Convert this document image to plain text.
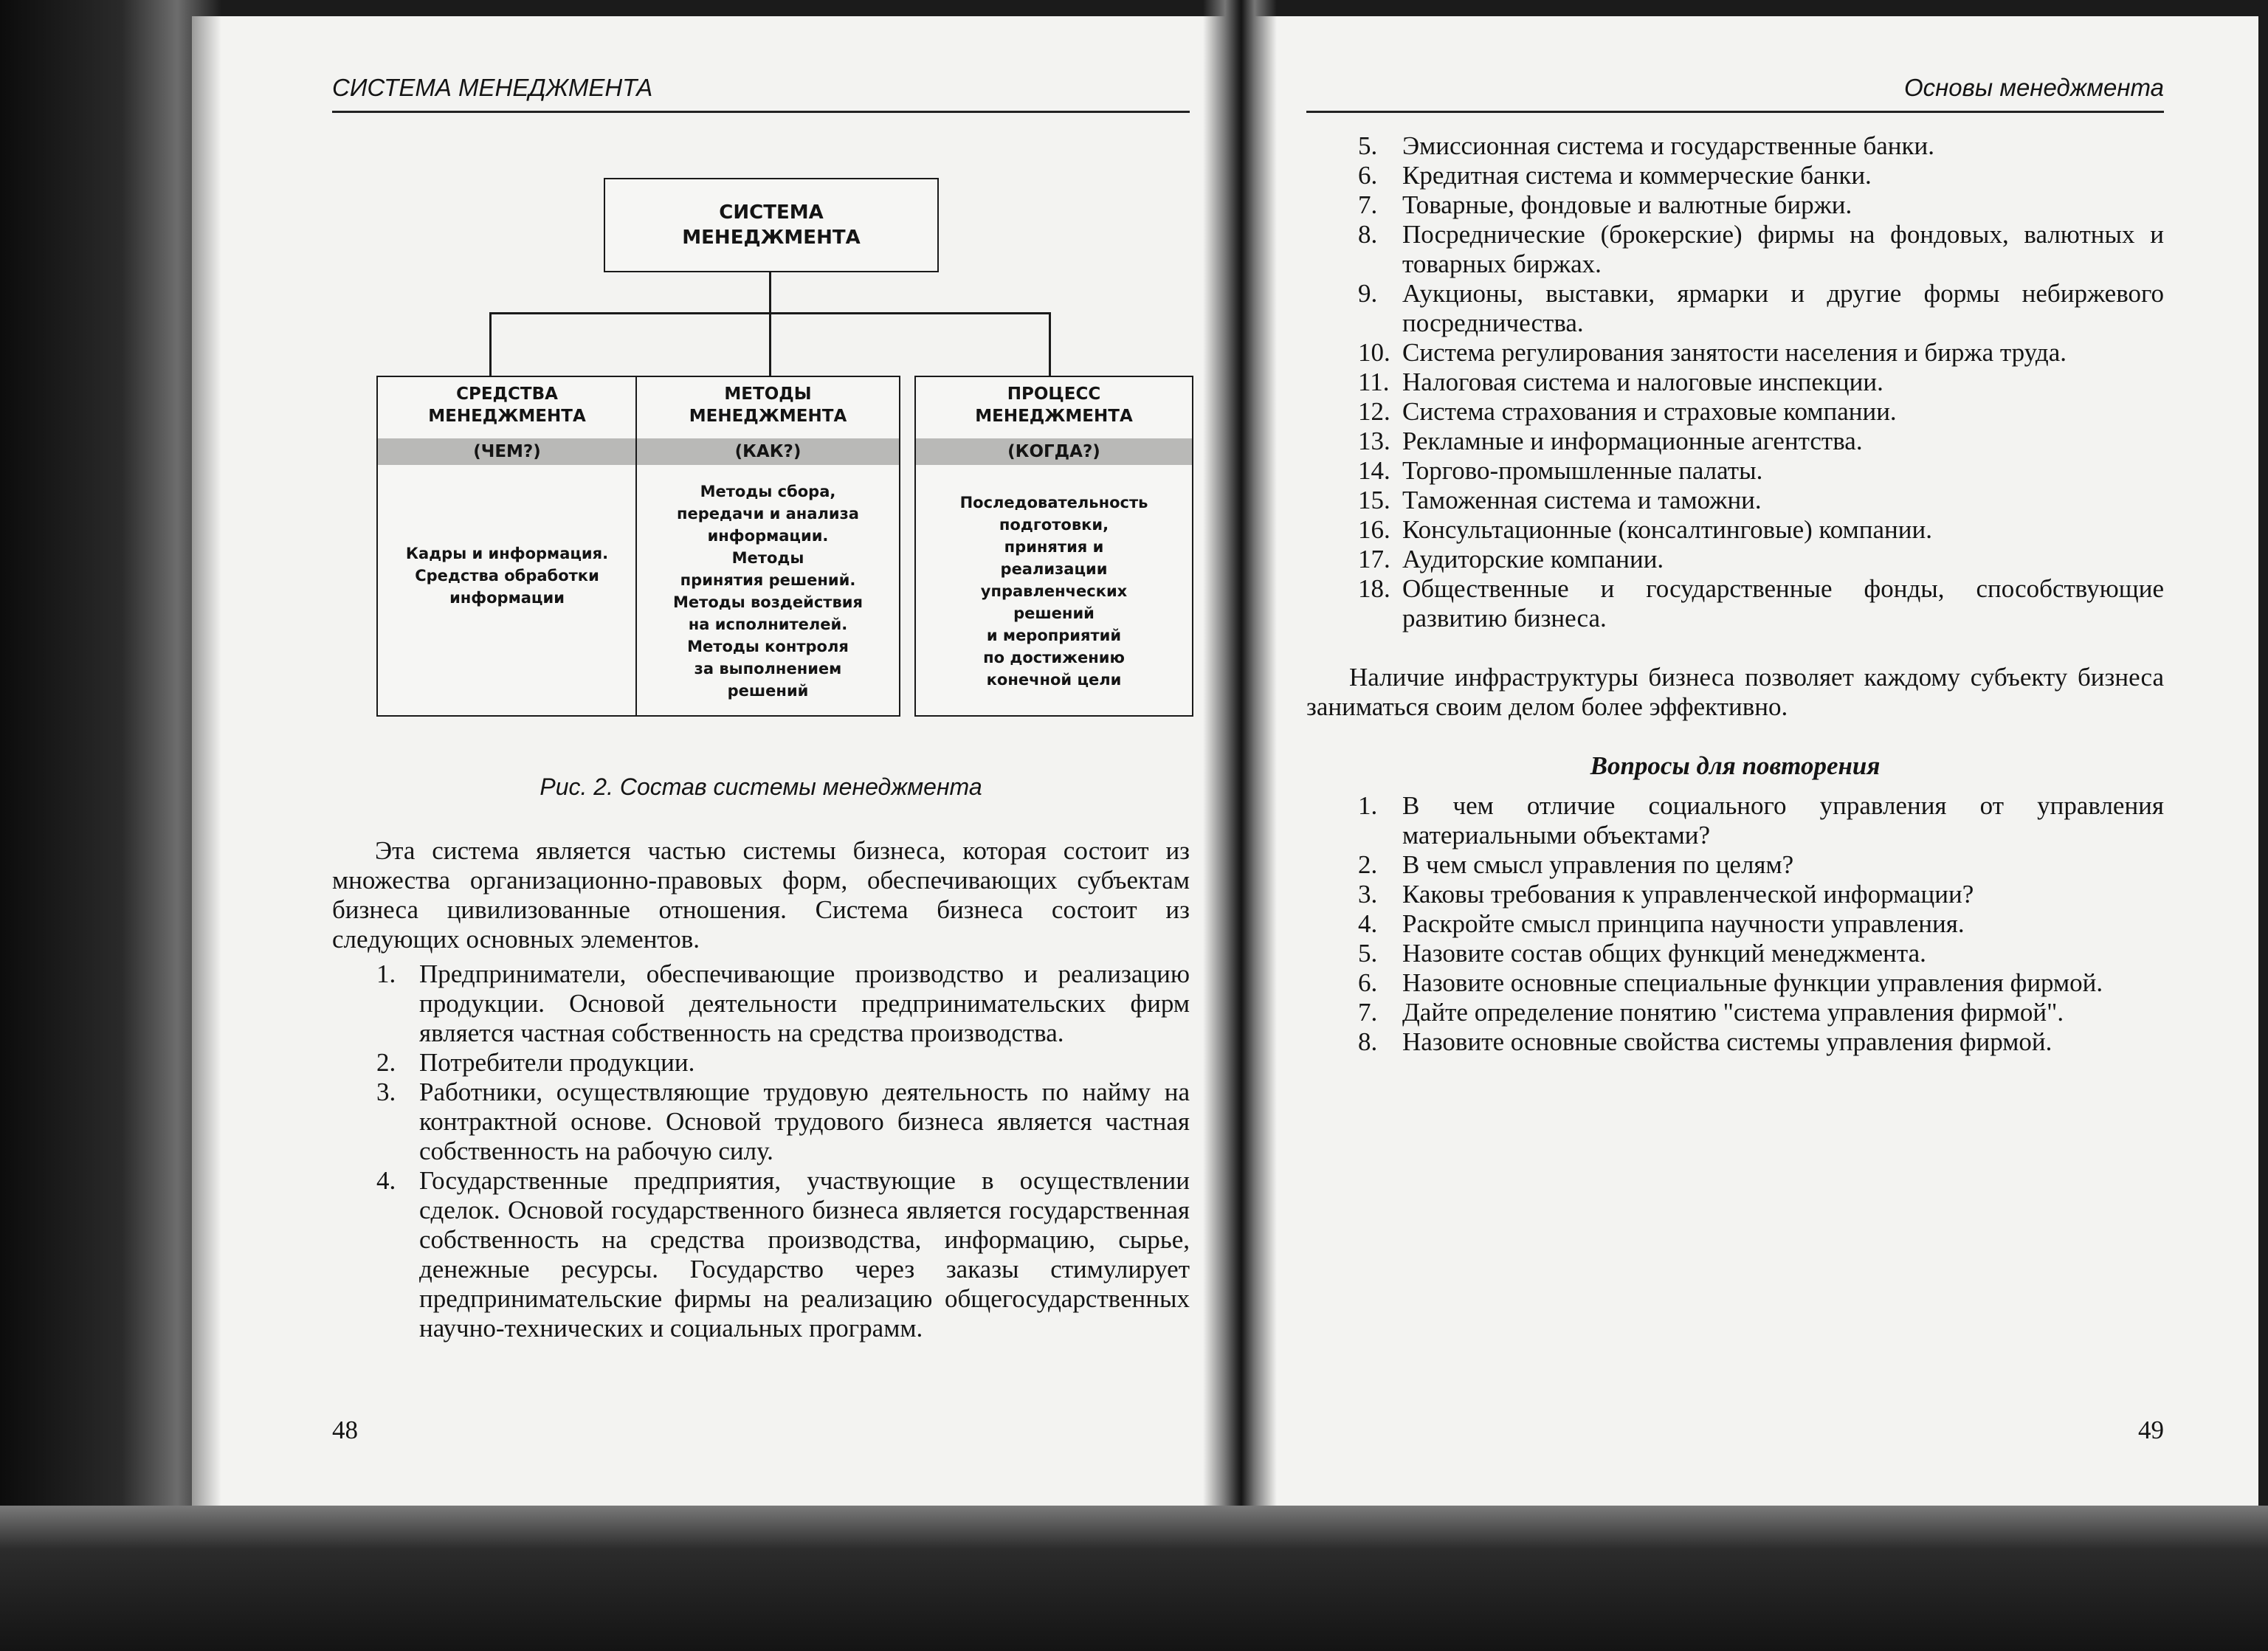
СИСТЕМА МЕНЕДЖМЕНТА
СИСТЕМА
МЕНЕДЖМЕНТА
СРЕДСТВА
МЕНЕДЖМЕНТА
(ЧЕМ?)
Кадры и информация.
Средства обработки
информации
МЕТОДЫ
МЕНЕДЖМЕНТА
(КАК?)
Методы сбора,
передачи и анализа
информации.
Методы
принятия решений.
Методы воздействия
на исполнителей.
Методы контроля
за выполнением
решений
ПРОЦЕСС
МЕНЕДЖМЕНТА
(КОГДА?)
Последовательность
подготовки,
принятия и
реализации
управленческих
решений
и мероприятий
по достижению
конечной цели
Рис. 2. Состав системы менеджмента
Эта система является частью системы бизнеса, которая состоит из множества организационно-правовых форм, обеспечивающих субъектам бизнеса цивилизованные отношения. Система бизнеса состоит из следующих основных элементов.
1. Предприниматели, обеспечивающие производство и реализацию продукции. Основой деятельности предпринимательских фирм является частная собственность на средства производства.
2. Потребители продукции.
3. Работники, осуществляющие трудовую деятельность по найму на контрактной основе. Основой трудового бизнеса является частная собственность на рабочую силу.
4. Государственные предприятия, участвующие в осуществлении сделок. Основой государственного бизнеса является государственная собственность на средства производства, информацию, сырье, денежные ресурсы. Государство через заказы стимулирует предпринимательские фирмы на реализацию общегосударственных научно-технических и социальных программ.
48
Основы менеджмента
5. Эмиссионная система и государственные банки.
6. Кредитная система и коммерческие банки.
7. Товарные, фондовые и валютные биржи.
8. Посреднические (брокерские) фирмы на фондовых, валютных и товарных биржах.
9. Аукционы, выставки, ярмарки и другие формы небиржевого посредничества.
10. Система регулирования занятости населения и биржа труда.
11. Налоговая система и налоговые инспекции.
12. Система страхования и страховые компании.
13. Рекламные и информационные агентства.
14. Торгово-промышленные палаты.
15. Таможенная система и таможни.
16. Консультационные (консалтинговые) компании.
17. Аудиторские компании.
18. Общественные и государственные фонды, способствующие развитию бизнеса.
Наличие инфраструктуры бизнеса позволяет каждому субъекту бизнеса заниматься своим делом более эффективно.
Вопросы для повторения
1. В чем отличие социального управления от управления материальными объектами?
2. В чем смысл управления по целям?
3. Каковы требования к управленческой информации?
4. Раскройте смысл принципа научности управления.
5. Назовите состав общих функций менеджмента.
6. Назовите основные специальные функции управления фирмой.
7. Дайте определение понятию "система управления фирмой".
8. Назовите основные свойства системы управления фирмой.
49
